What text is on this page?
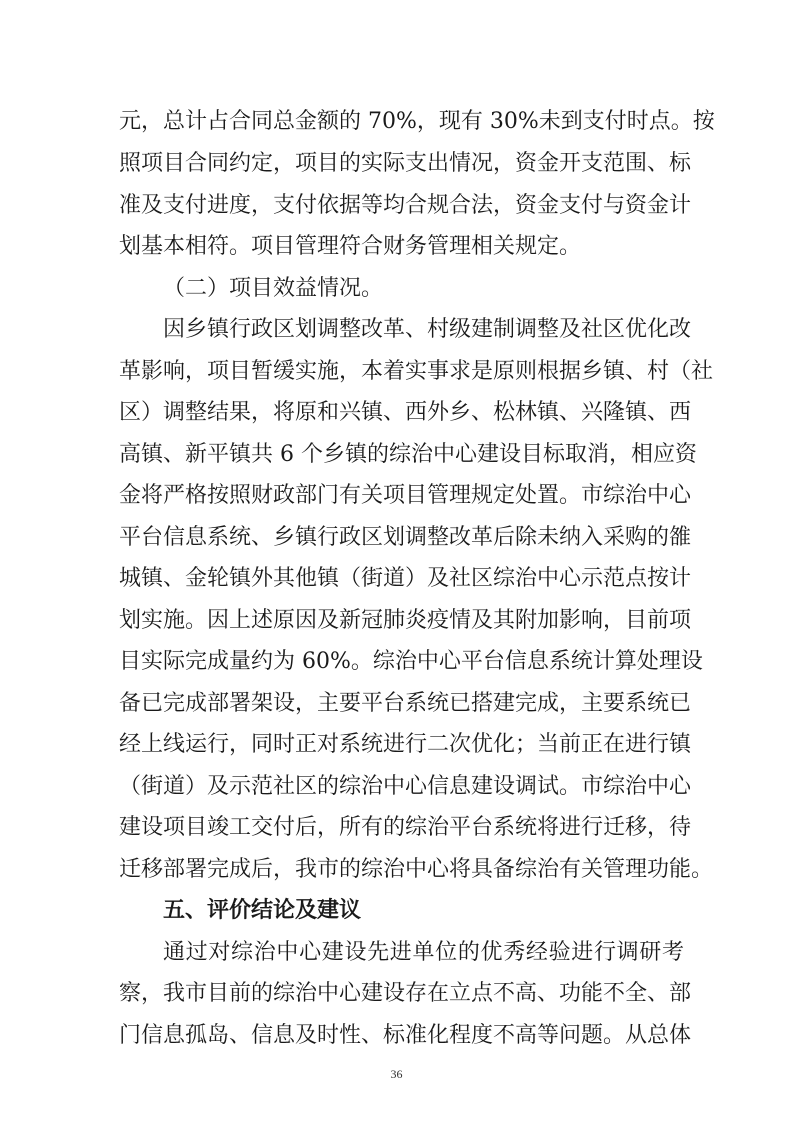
元，总计占合同总金额的 70%，现有 30%未到支付时点。按
照项目合同约定，项目的实际支出情况，资金开支范围、标
准及支付进度，支付依据等均合规合法，资金支付与资金计
划基本相符。项目管理符合财务管理相关规定。
（二）项目效益情况。
因乡镇行政区划调整改革、村级建制调整及社区优化改
革影响，项目暂缓实施，本着实事求是原则根据乡镇、村（社
区）调整结果，将原和兴镇、西外乡、松林镇、兴隆镇、西
高镇、新平镇共 6 个乡镇的综治中心建设目标取消，相应资
金将严格按照财政部门有关项目管理规定处置。市综治中心
平台信息系统、乡镇行政区划调整改革后除未纳入采购的雒
城镇、金轮镇外其他镇（街道）及社区综治中心示范点按计
划实施。因上述原因及新冠肺炎疫情及其附加影响，目前项
目实际完成量约为 60%。综治中心平台信息系统计算处理设
备已完成部署架设，主要平台系统已搭建完成，主要系统已
经上线运行，同时正对系统进行二次优化；当前正在进行镇
（街道）及示范社区的综治中心信息建设调试。市综治中心
建设项目竣工交付后，所有的综治平台系统将进行迁移，待
迁移部署完成后，我市的综治中心将具备综治有关管理功能。
五、评价结论及建议
通过对综治中心建设先进单位的优秀经验进行调研考
察，我市目前的综治中心建设存在立点不高、功能不全、部
门信息孤岛、信息及时性、标准化程度不高等问题。从总体
36
